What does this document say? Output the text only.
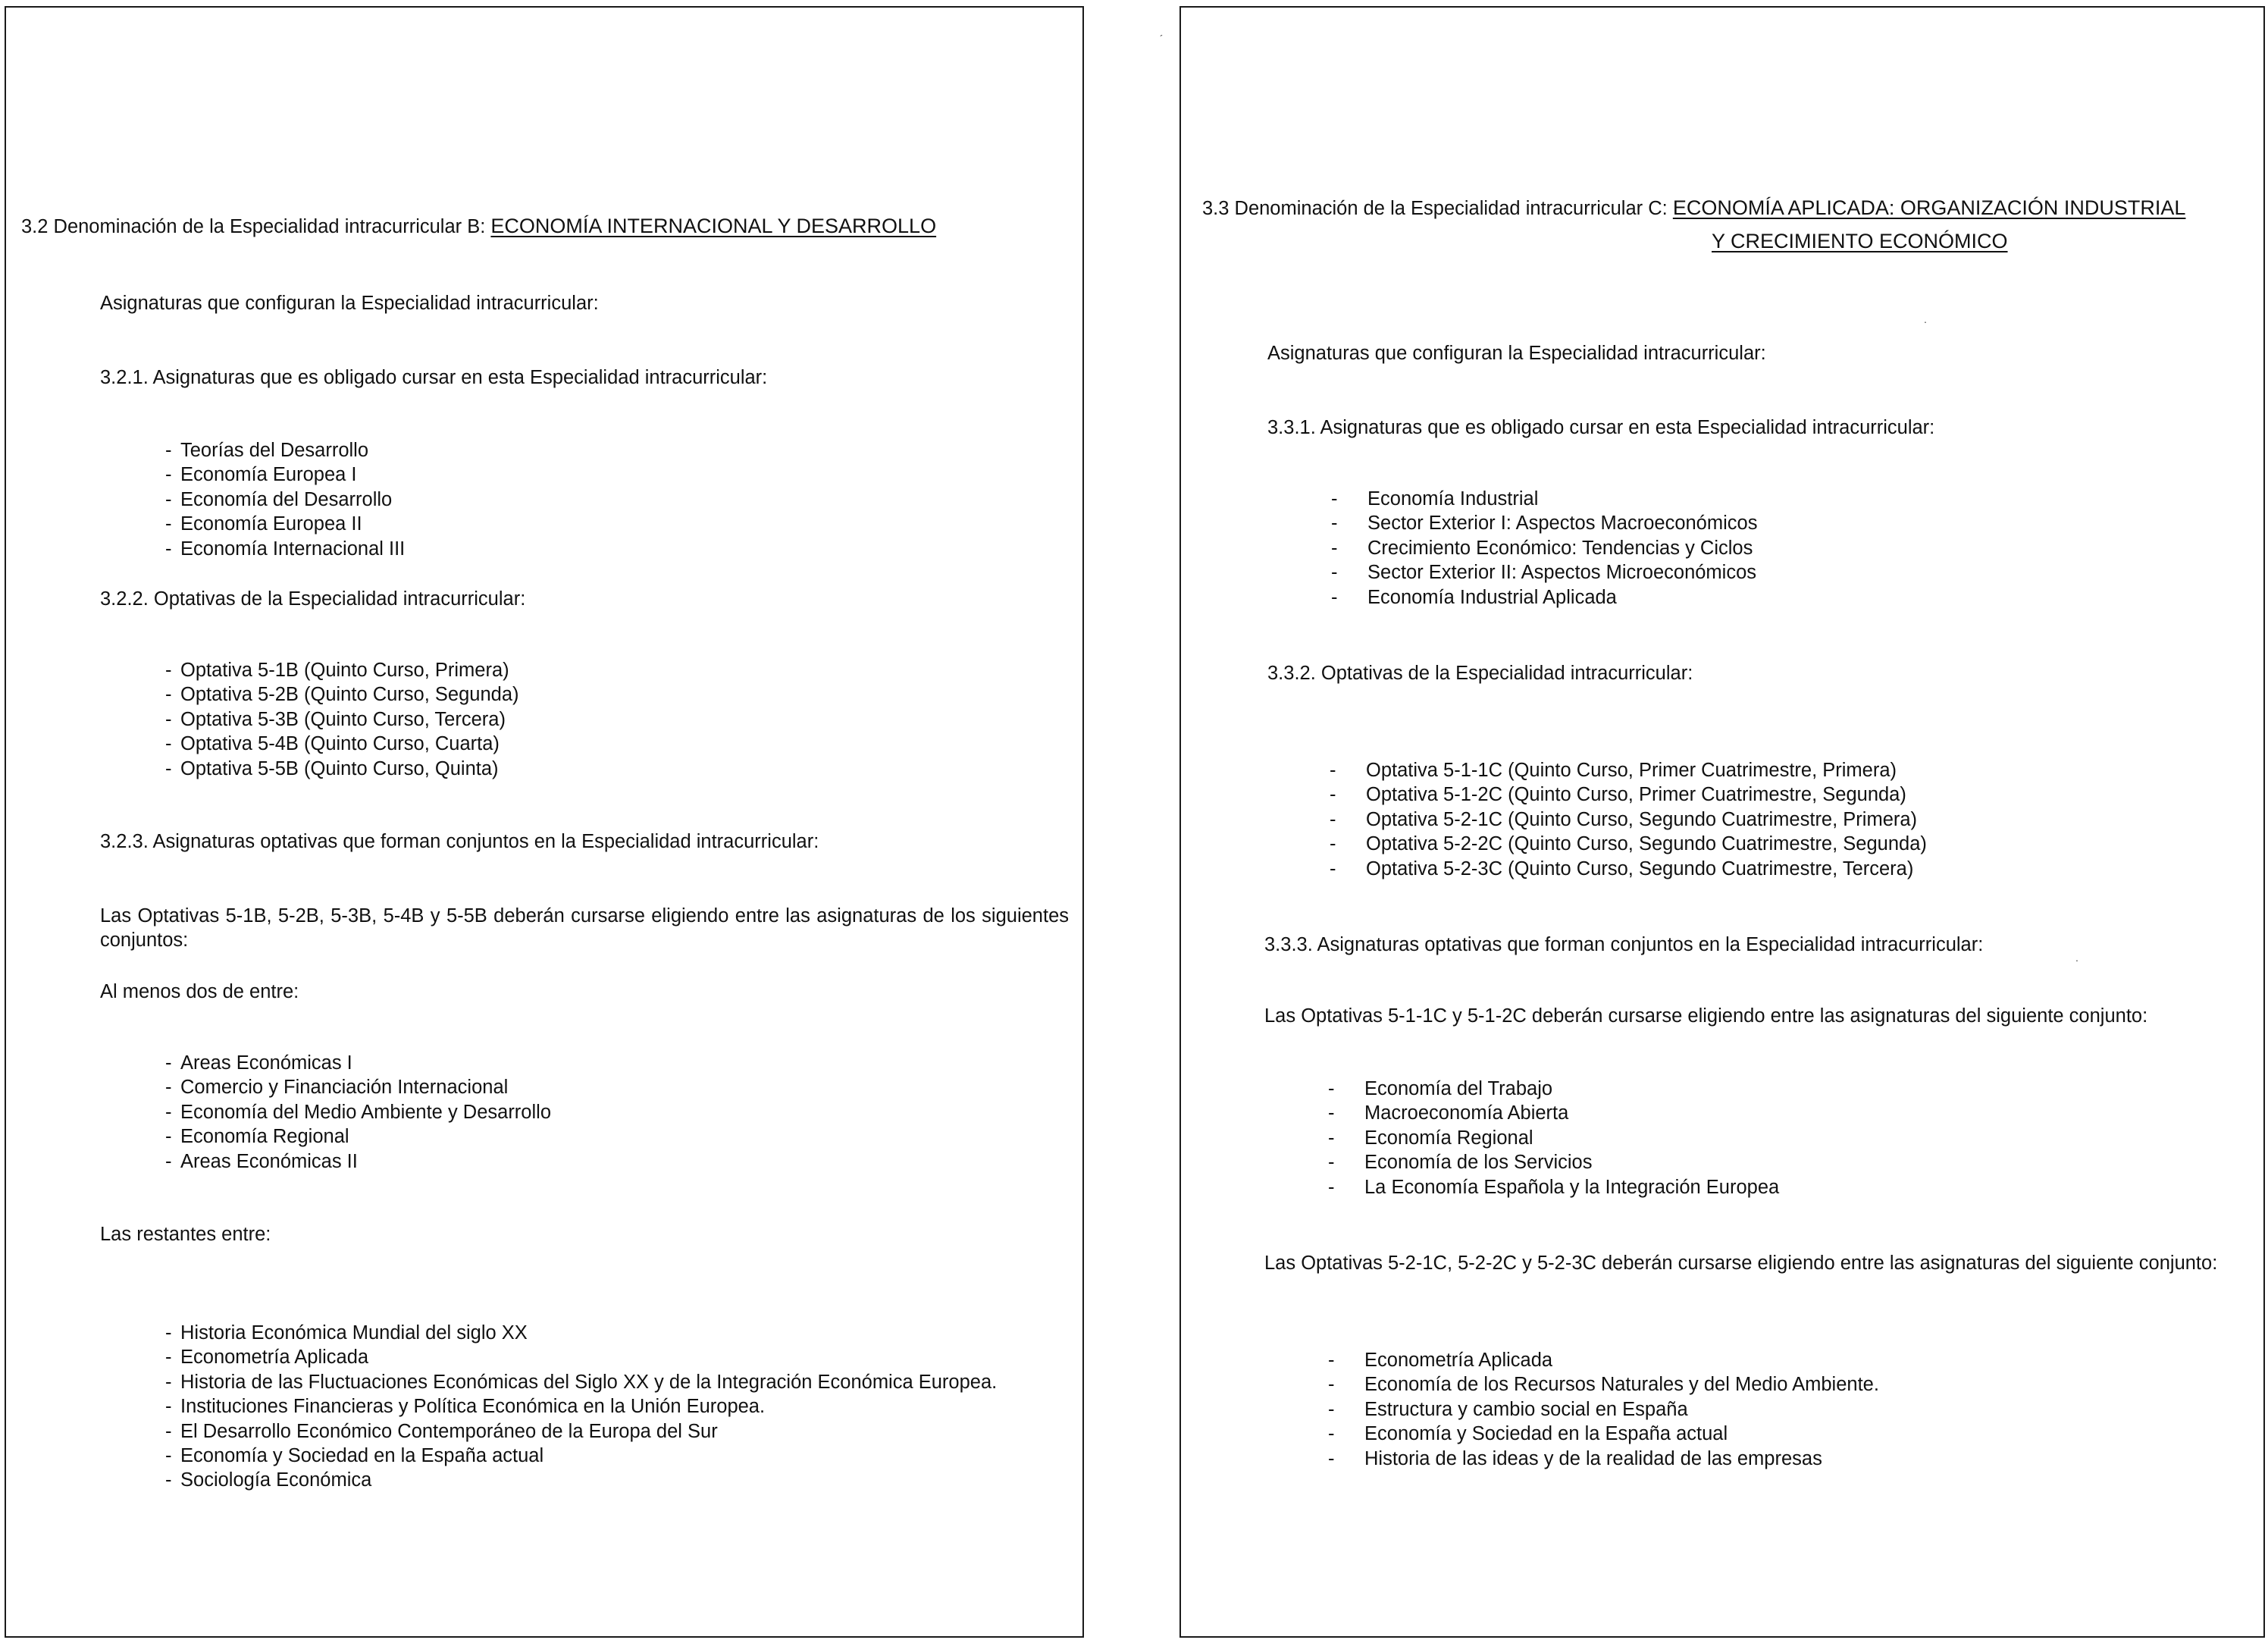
3.2 Denominación de la Especialidad intracurricular B: ECONOMÍA INTERNACIONAL Y DESARROLLO

Asignaturas que configuran la Especialidad intracurricular:

3.2.1. Asignaturas que es obligado cursar en esta Especialidad intracurricular:

- Teorías del Desarrollo
- Economía Europea I
- Economía del Desarrollo
- Economía Europea II
- Economía Internacional III

3.2.2. Optativas de la Especialidad intracurricular:

- Optativa 5-1B (Quinto Curso, Primera)
- Optativa 5-2B (Quinto Curso, Segunda)
- Optativa 5-3B (Quinto Curso, Tercera)
- Optativa 5-4B (Quinto Curso, Cuarta)
- Optativa 5-5B (Quinto Curso, Quinta)

3.2.3. Asignaturas optativas que forman conjuntos en la Especialidad intracurricular:

Las Optativas 5-1B, 5-2B, 5-3B, 5-4B y 5-5B deberán cursarse eligiendo entre las asignaturas de los siguientes conjuntos:

Al menos dos de entre:

- Areas Económicas I
- Comercio y Financiación Internacional
- Economía del Medio Ambiente y Desarrollo
- Economía Regional
- Areas Económicas II

Las restantes entre:

- Historia Económica Mundial del siglo XX
- Econometría Aplicada
- Historia de las Fluctuaciones Económicas del Siglo XX y de la Integración Económica Europea.
- Instituciones Financieras y Política Económica en la Unión Europea.
- El Desarrollo Económico Contemporáneo de la Europa del Sur
- Economía y Sociedad en la España actual
- Sociología Económica
´

3.3 Denominación de la Especialidad intracurricular C: ECONOMÍA APLICADA: ORGANIZACIÓN INDUSTRIAL

Y CRECIMIENTO ECONÓMICO

.

Asignaturas que configuran la Especialidad intracurricular:

3.3.1. Asignaturas que es obligado cursar en esta Especialidad intracurricular:

- Economía Industrial
- Sector Exterior I: Aspectos Macroeconómicos
- Crecimiento Económico: Tendencias y Ciclos
- Sector Exterior II: Aspectos Microeconómicos
- Economía Industrial Aplicada

3.3.2. Optativas de la Especialidad intracurricular:

- Optativa 5-1-1C (Quinto Curso, Primer Cuatrimestre, Primera)
- Optativa 5-1-2C (Quinto Curso, Primer Cuatrimestre, Segunda)
- Optativa 5-2-1C (Quinto Curso, Segundo Cuatrimestre, Primera)
- Optativa 5-2-2C (Quinto Curso, Segundo Cuatrimestre, Segunda)
- Optativa 5-2-3C (Quinto Curso, Segundo Cuatrimestre, Tercera)

3.3.3. Asignaturas optativas que forman conjuntos en la Especialidad intracurricular:

.

Las Optativas 5-1-1C y 5-1-2C deberán cursarse eligiendo entre las asignaturas del siguiente conjunto:

- Economía del Trabajo
- Macroeconomía Abierta
- Economía Regional
- Economía de los Servicios
- La Economía Española y la Integración Europea

Las Optativas 5-2-1C, 5-2-2C y 5-2-3C deberán cursarse eligiendo entre las asignaturas del siguiente conjunto:

- Econometría Aplicada
- Economía de los Recursos Naturales y del Medio Ambiente.
- Estructura y cambio social en España
- Economía y Sociedad en la España actual
- Historia de las ideas y de la realidad de las empresas
